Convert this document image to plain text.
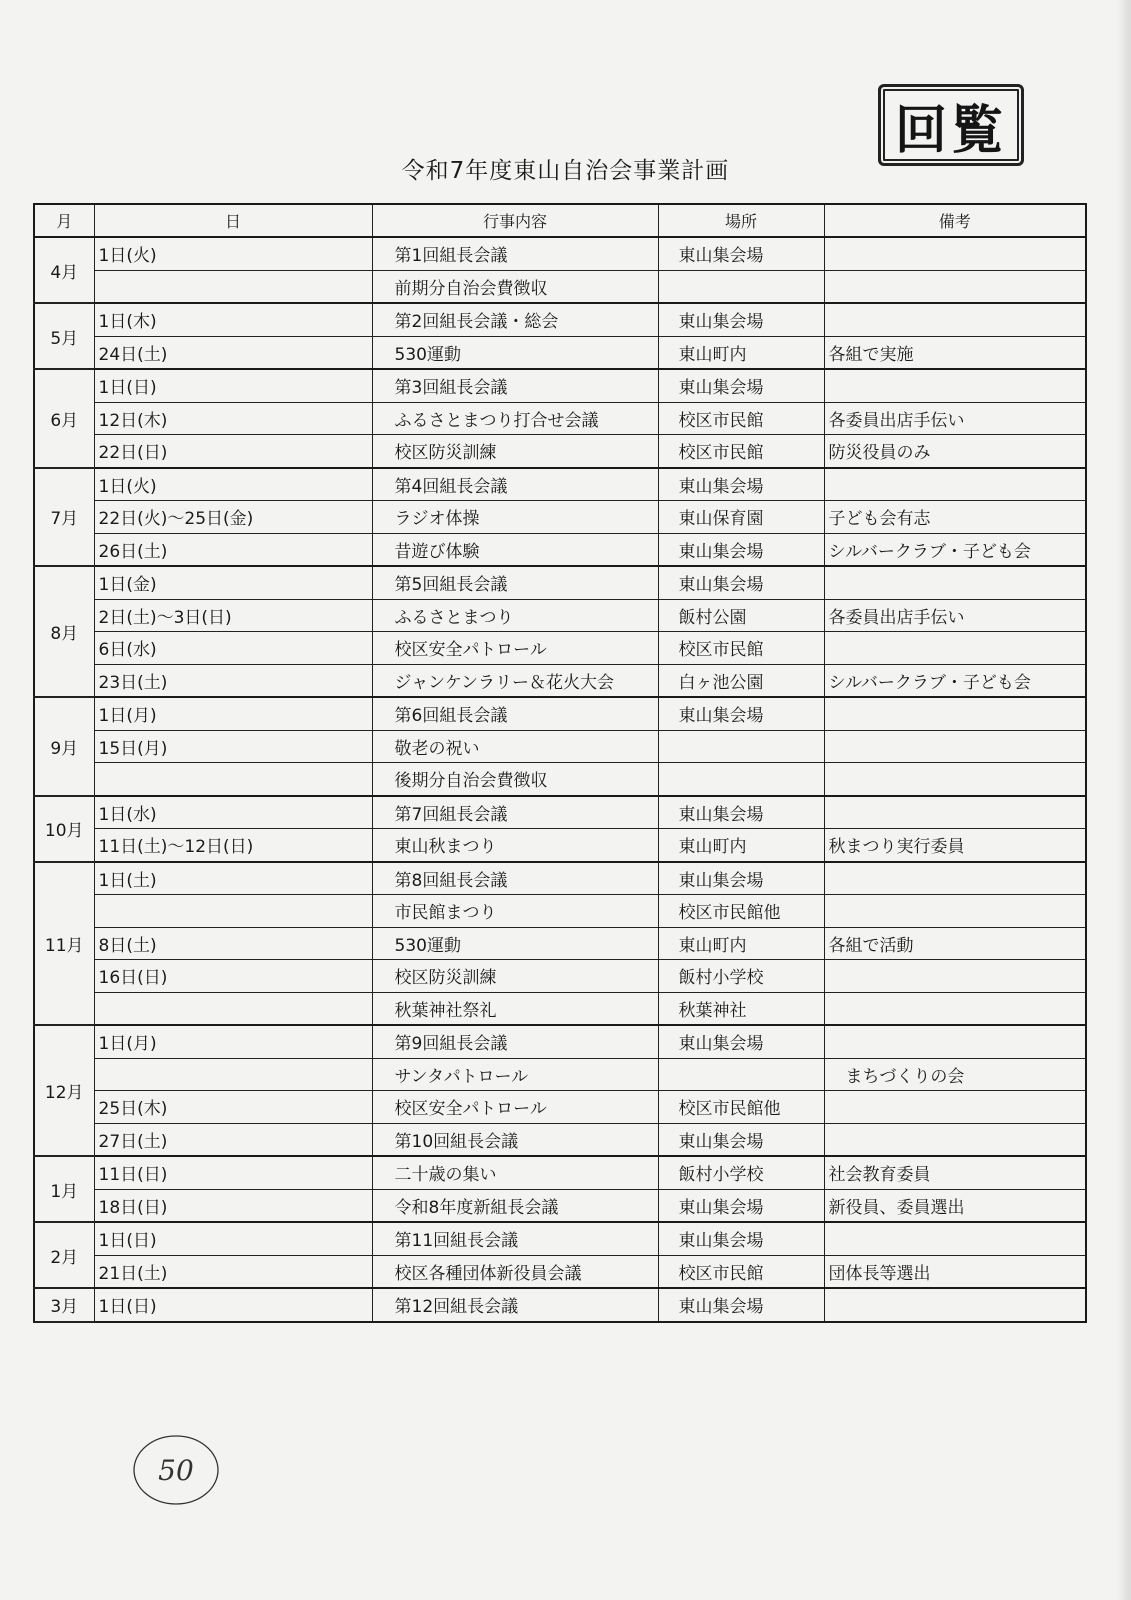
回覧
令和7年度東山自治会事業計画
月	日	行事内容	場所	備考
4月	1日(火)	第1回組長会議	東山集会場	
		前期分自治会費徴収		
5月	1日(木)	第2回組長会議・総会	東山集会場	
	24日(土)	530運動	東山町内	各組で実施
6月	1日(日)	第3回組長会議	東山集会場	
	12日(木)	ふるさとまつり打合せ会議	校区市民館	各委員出店手伝い
	22日(日)	校区防災訓練	校区市民館	防災役員のみ
7月	1日(火)	第4回組長会議	東山集会場	
	22日(火)～25日(金)	ラジオ体操	東山保育園	子ども会有志
	26日(土)	昔遊び体験	東山集会場	シルバークラブ・子ども会
8月	1日(金)	第5回組長会議	東山集会場	
	2日(土)～3日(日)	ふるさとまつり	飯村公園	各委員出店手伝い
	6日(水)	校区安全パトロール	校区市民館	
	23日(土)	ジャンケンラリー＆花火大会	白ヶ池公園	シルバークラブ・子ども会
9月	1日(月)	第6回組長会議	東山集会場	
	15日(月)	敬老の祝い		
		後期分自治会費徴収		
10月	1日(水)	第7回組長会議	東山集会場	
	11日(土)～12日(日)	東山秋まつり	東山町内	秋まつり実行委員
11月	1日(土)	第8回組長会議	東山集会場	
		市民館まつり	校区市民館他	
	8日(土)	530運動	東山町内	各組で活動
	16日(日)	校区防災訓練	飯村小学校	
		秋葉神社祭礼	秋葉神社	
12月	1日(月)	第9回組長会議	東山集会場	
		サンタパトロール		　まちづくりの会
	25日(木)	校区安全パトロール	校区市民館他	
	27日(土)	第10回組長会議	東山集会場	
1月	11日(日)	二十歳の集い	飯村小学校	社会教育委員
	18日(日)	令和8年度新組長会議	東山集会場	新役員、委員選出
2月	1日(日)	第11回組長会議	東山集会場	
	21日(土)	校区各種団体新役員会議	校区市民館	団体長等選出
3月	1日(日)	第12回組長会議	東山集会場	
50
